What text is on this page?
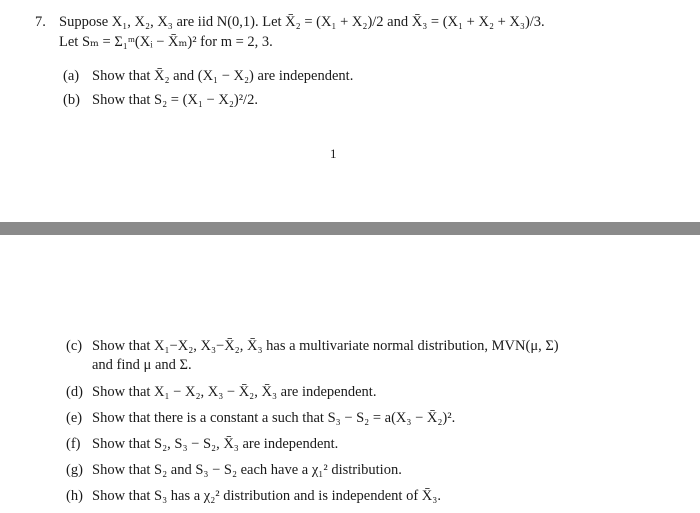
7. Suppose X₁, X₂, X₃ are iid N(0,1). Let X̄₂ = (X₁ + X₂)/2 and X̄₃ = (X₁ + X₂ + X₃)/3.
Let Sₘ = Σ₁ᵐ(Xᵢ − X̄ₘ)² for m = 2, 3.
(a) Show that X̄₂ and (X₁ − X₂) are independent.
(b) Show that S₂ = (X₁ − X₂)²/2.
1
(c) Show that X₁−X₂, X₃−X̄₂, X̄₃ has a multivariate normal distribution, MVN(μ, Σ)
and find μ and Σ.
(d) Show that X₁ − X₂, X₃ − X̄₂, X̄₃ are independent.
(e) Show that there is a constant a such that S₃ − S₂ = a(X₃ − X̄₂)².
(f) Show that S₂, S₃ − S₂, X̄₃ are independent.
(g) Show that S₂ and S₃ − S₂ each have a χ₁² distribution.
(h) Show that S₃ has a χ₂² distribution and is independent of X̄₃.
